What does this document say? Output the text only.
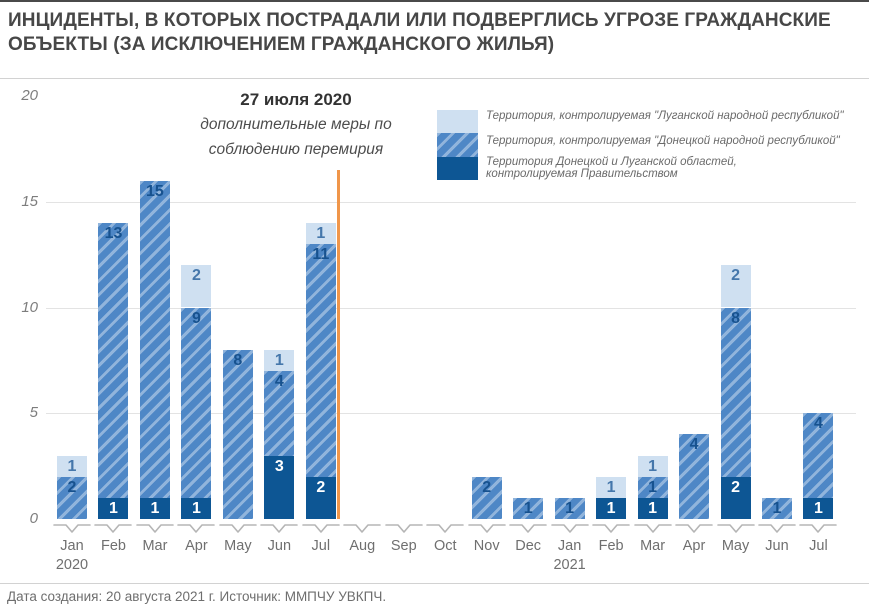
ИНЦИДЕНТЫ, В КОТОРЫХ ПОСТРАДАЛИ ИЛИ ПОДВЕРГЛИСЬ УГРОЗЕ ГРАЖДАНСКИЕ
ОБЪЕКТЫ (ЗА ИСКЛЮЧЕНИЕМ ГРАЖДАНСКОГО ЖИЛЬЯ)
27 июля 2020
дополнительные меры по
соблюдению перемирия
Территория, контролируемая "Луганской народной республикой"
Территория, контролируемая "Донецкой народной республикой"
Территория Донецкой и Луганской областей,
контролируемая Правительством
0
5
10
15
20
2
1
Jan
1
13
Feb
1
15
Mar
1
9
2
Apr
8
May
3
4
1
Jun
2
11
1
Jul	Aug	Sep	Oct
2
Nov
1
Dec
1
Jan
1
1
Feb
1
1
1
Mar
4
Apr
2
8
2
May
1
Jun
1
4
Jul
2020	2021
Дата создания: 20 августа 2021 г. Источник: ММПЧУ УВКПЧ.
